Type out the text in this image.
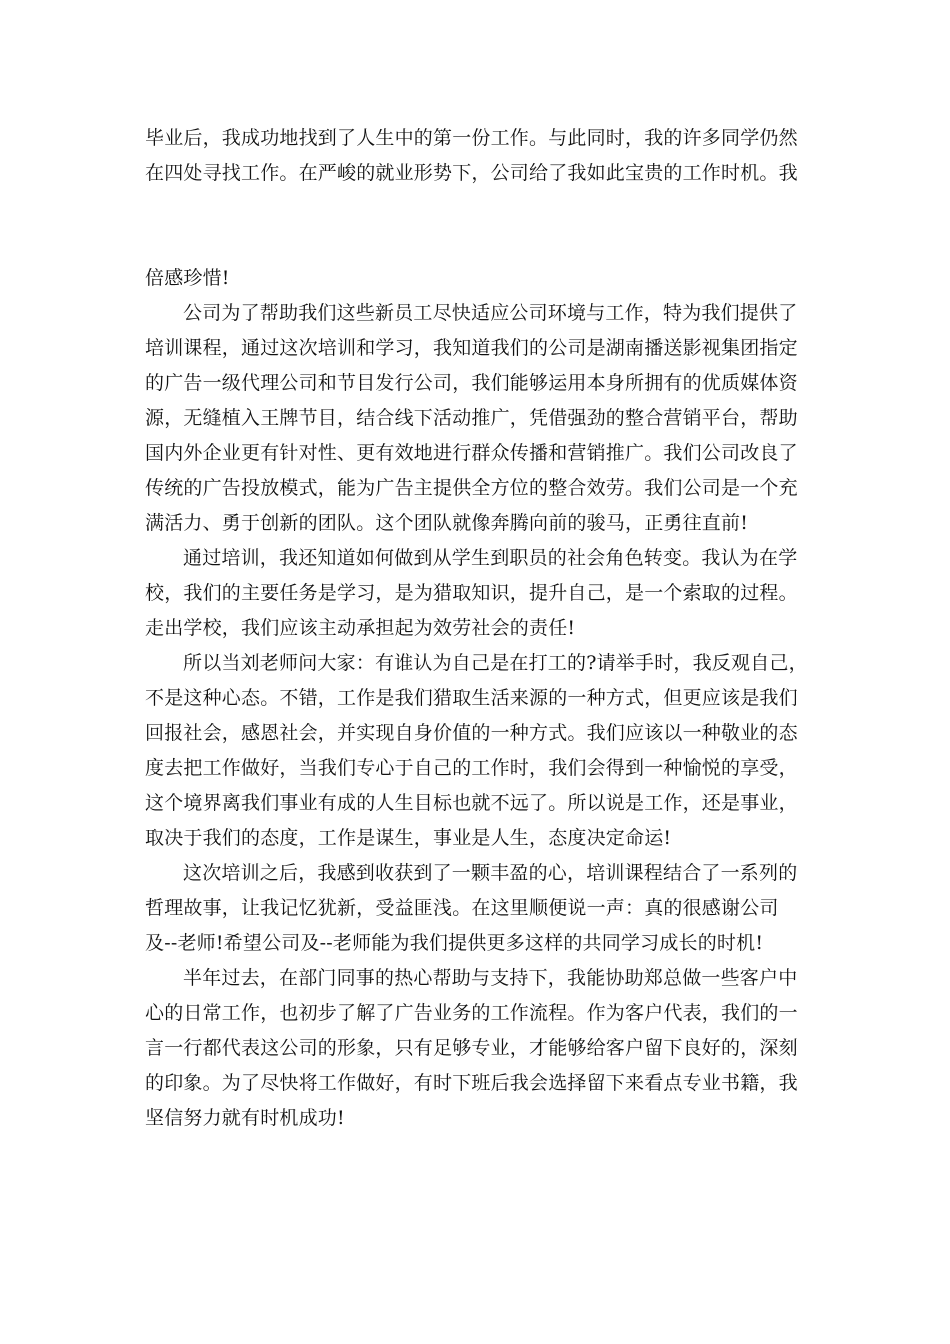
毕业后，我成功地找到了人生中的第一份工作。与此同时，我的许多同学仍然
在四处寻找工作。在严峻的就业形势下，公司给了我如此宝贵的工作时机。我
倍感珍惜!
公司为了帮助我们这些新员工尽快适应公司环境与工作，特为我们提供了
培训课程，通过这次培训和学习，我知道我们的公司是湖南播送影视集团指定
的广告一级代理公司和节目发行公司，我们能够运用本身所拥有的优质媒体资
源，无缝植入王牌节目，结合线下活动推广，凭借强劲的整合营销平台，帮助
国内外企业更有针对性、更有效地进行群众传播和营销推广。我们公司改良了
传统的广告投放模式，能为广告主提供全方位的整合效劳。我们公司是一个充
满活力、勇于创新的团队。这个团队就像奔腾向前的骏马，正勇往直前!
通过培训，我还知道如何做到从学生到职员的社会角色转变。我认为在学
校，我们的主要任务是学习，是为猎取知识，提升自己，是一个索取的过程。
走出学校，我们应该主动承担起为效劳社会的责任!
所以当刘老师问大家：有谁认为自己是在打工的?请举手时，我反观自己，
不是这种心态。不错，工作是我们猎取生活来源的一种方式，但更应该是我们
回报社会，感恩社会，并实现自身价值的一种方式。我们应该以一种敬业的态
度去把工作做好，当我们专心于自己的工作时，我们会得到一种愉悦的享受，
这个境界离我们事业有成的人生目标也就不远了。所以说是工作，还是事业，
取决于我们的态度，工作是谋生，事业是人生，态度决定命运!
这次培训之后，我感到收获到了一颗丰盈的心，培训课程结合了一系列的
哲理故事，让我记忆犹新，受益匪浅。在这里顺便说一声：真的很感谢公司
及--老师!希望公司及--老师能为我们提供更多这样的共同学习成长的时机!
半年过去，在部门同事的热心帮助与支持下，我能协助郑总做一些客户中
心的日常工作，也初步了解了广告业务的工作流程。作为客户代表，我们的一
言一行都代表这公司的形象，只有足够专业，才能够给客户留下良好的，深刻
的印象。为了尽快将工作做好，有时下班后我会选择留下来看点专业书籍，我
坚信努力就有时机成功!
